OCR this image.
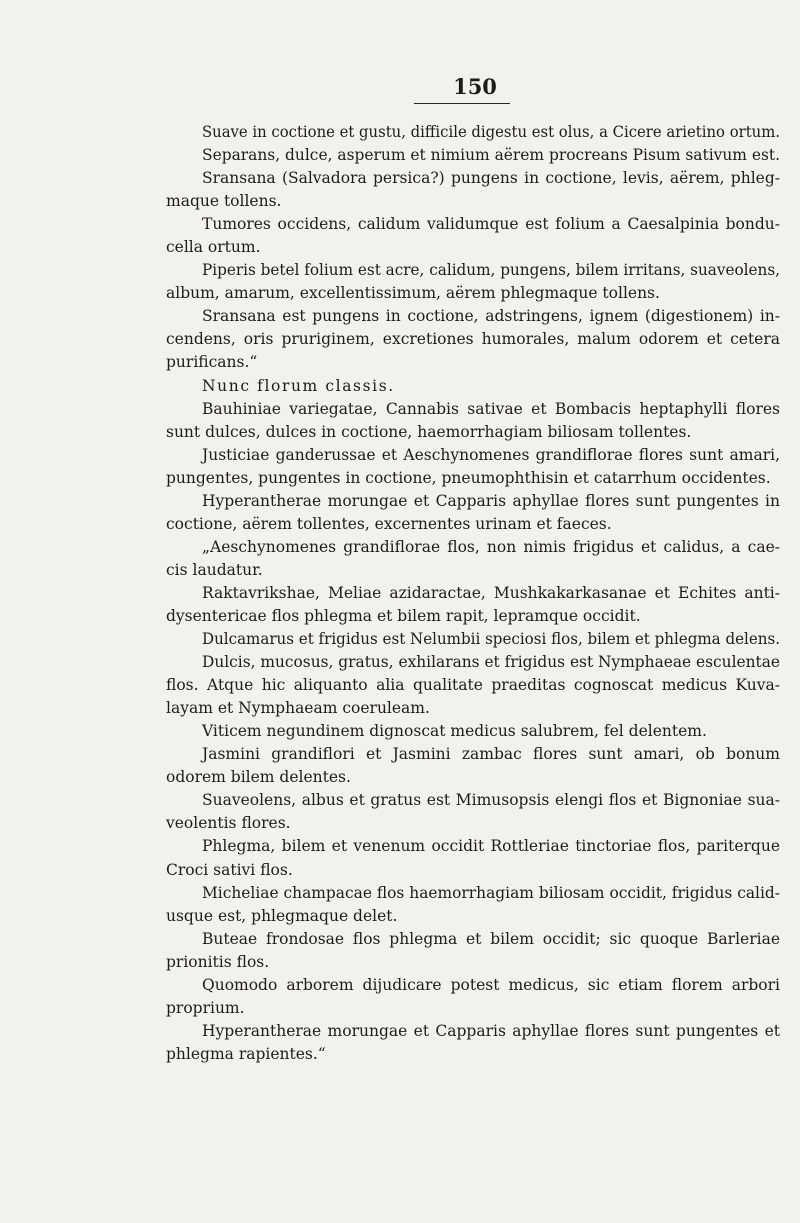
150
Suave in coctione et gustu, difficile digestu est olus, a Cicere arietino ortum.
Separans, dulce, asperum et nimium aërem procreans Pisum sativum est.
Sransana (Salvadora persica?) pungens in coctione, levis, aërem, phleg-
maque tollens.
Tumores occidens, calidum validumque est folium a Caesalpinia bondu-
cella ortum.
Piperis betel folium est acre, calidum, pungens, bilem irritans, suaveolens,
album, amarum, excellentissimum, aërem phlegmaque tollens.
Sransana est pungens in coctione, adstringens, ignem (digestionem) in-
cendens, oris pruriginem, excretiones humorales, malum odorem et cetera
purificans.“
Nunc florum classis.
Bauhiniae variegatae, Cannabis sativae et Bombacis heptaphylli flores
sunt dulces, dulces in coctione, haemorrhagiam biliosam tollentes.
Justiciae ganderussae et Aeschynomenes grandiflorae flores sunt amari,
pungentes, pungentes in coctione, pneumophthisin et catarrhum occidentes.
Hyperantherae morungae et Capparis aphyllae flores sunt pungentes in
coctione, aërem tollentes, excernentes urinam et faeces.
„Aeschynomenes grandiflorae flos, non nimis frigidus et calidus, a cae-
cis laudatur.
Raktavrikshae, Meliae azidaractae, Mushkakarkasanae et Echites anti-
dysentericae flos phlegma et bilem rapit, lepramque occidit.
Dulcamarus et frigidus est Nelumbii speciosi flos, bilem et phlegma delens.
Dulcis, mucosus, gratus, exhilarans et frigidus est Nymphaeae esculentae
flos. Atque hic aliquanto alia qualitate praeditas cognoscat medicus Kuva-
layam et Nymphaeam coeruleam.
Viticem negundinem dignoscat medicus salubrem, fel delentem.
Jasmini grandiflori et Jasmini zambac flores sunt amari, ob bonum
odorem bilem delentes.
Suaveolens, albus et gratus est Mimusopsis elengi flos et Bignoniae sua-
veolentis flores.
Phlegma, bilem et venenum occidit Rottleriae tinctoriae flos, pariterque
Croci sativi flos.
Micheliae champacae flos haemorrhagiam biliosam occidit, frigidus calid-
usque est, phlegmaque delet.
Buteae frondosae flos phlegma et bilem occidit; sic quoque Barleriae
prionitis flos.
Quomodo arborem dijudicare potest medicus, sic etiam florem arbori
proprium.
Hyperantherae morungae et Capparis aphyllae flores sunt pungentes et
phlegma rapientes.“
